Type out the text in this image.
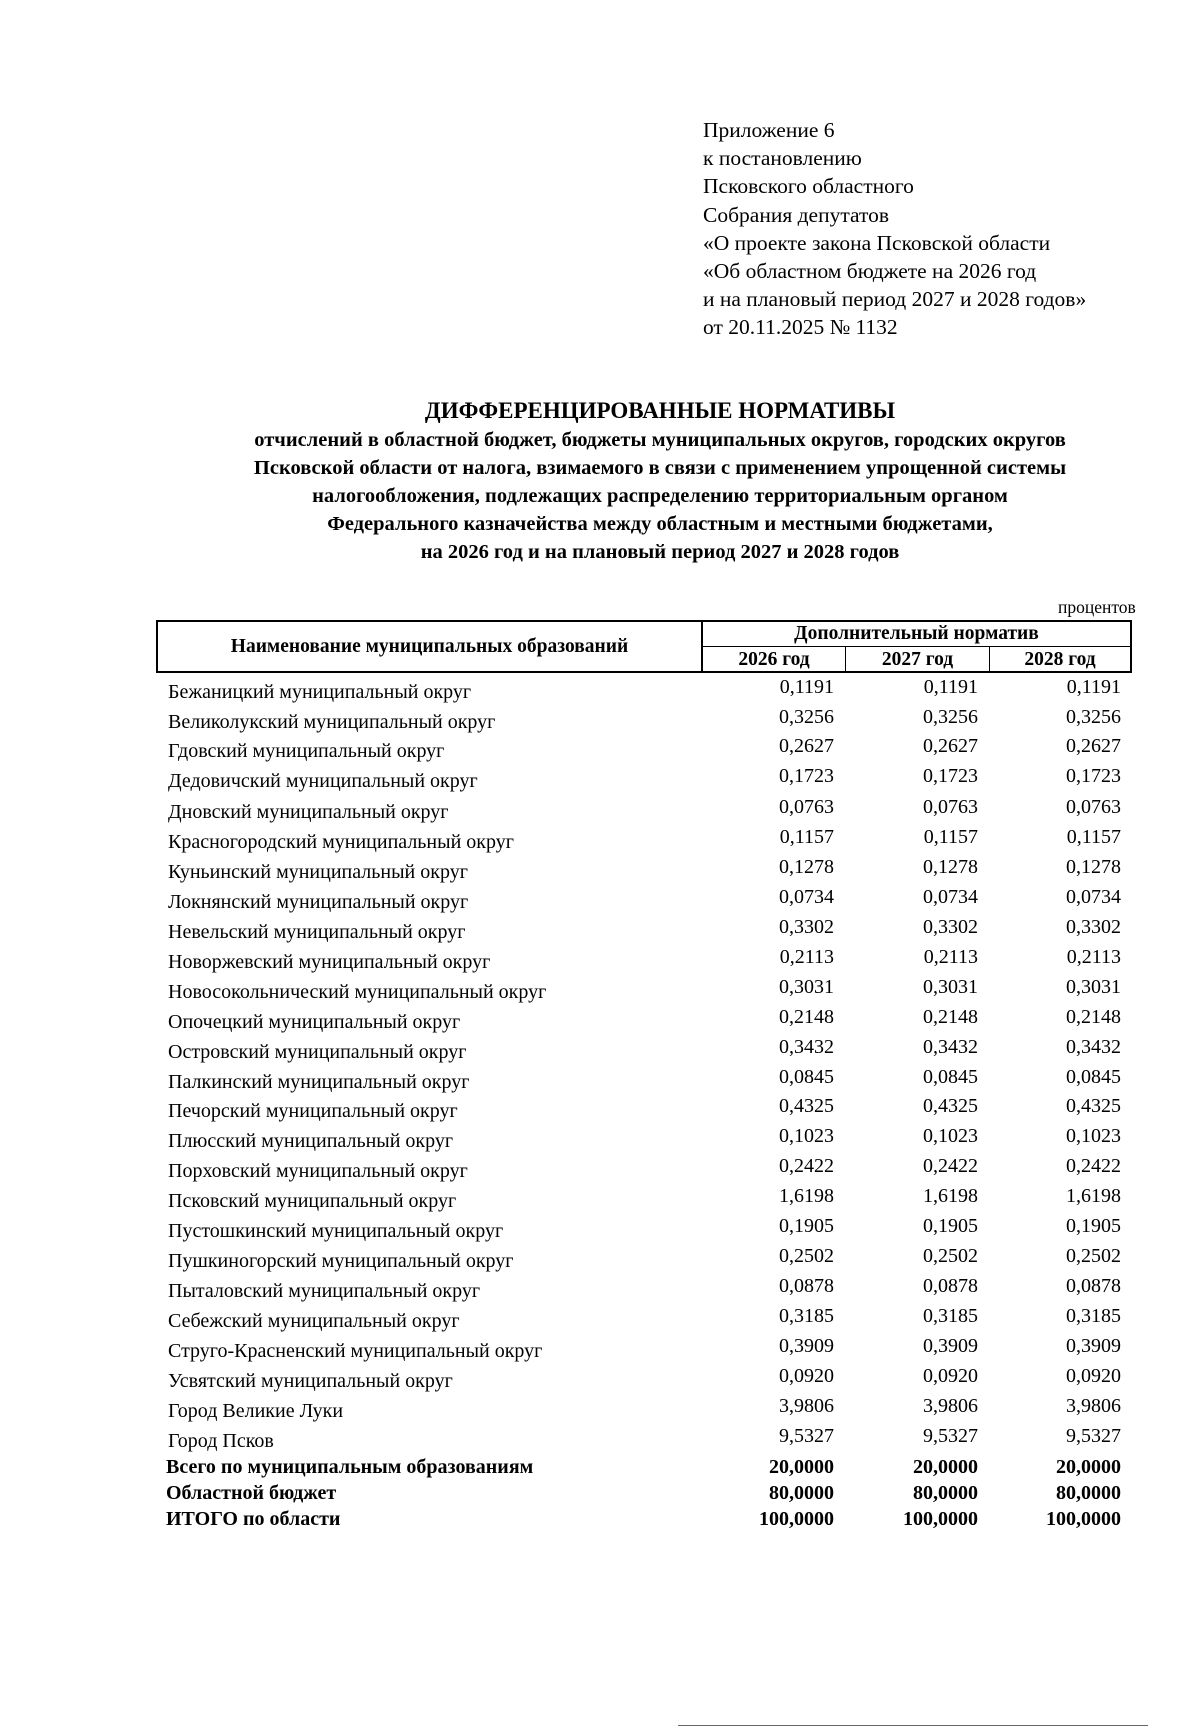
Приложение 6
к постановлению
Псковского областного
Собрания депутатов
«О проекте закона Псковской области
«Об областном бюджете на 2026 год
и на плановый период 2027 и 2028 годов»
от 20.11.2025 № 1132
ДИФФЕРЕНЦИРОВАННЫЕ НОРМАТИВЫ
отчислений в областной бюджет, бюджеты муниципальных округов, городских округов
Псковской области от налога, взимаемого в связи с применением упрощенной системы
налогообложения, подлежащих распределению территориальным органом
Федерального казначейства между областным и местными бюджетами,
на 2026 год и на плановый период 2027 и 2028 годов
процентов
Наименование муниципальных образований
Дополнительный норматив
2026 год	2027 год	2028 год
Бежаницкий муниципальный округ	0,1191	0,1191	0,1191
Великолукский муниципальный округ	0,3256	0,3256	0,3256
Гдовский муниципальный округ	0,2627	0,2627	0,2627
Дедовичский муниципальный округ	0,1723	0,1723	0,1723
Дновский муниципальный округ	0,0763	0,0763	0,0763
Красногородский муниципальный округ	0,1157	0,1157	0,1157
Куньинский муниципальный округ	0,1278	0,1278	0,1278
Локнянский муниципальный округ	0,0734	0,0734	0,0734
Невельский муниципальный округ	0,3302	0,3302	0,3302
Новоржевский муниципальный округ	0,2113	0,2113	0,2113
Новосокольнический муниципальный округ	0,3031	0,3031	0,3031
Опочецкий муниципальный округ	0,2148	0,2148	0,2148
Островский муниципальный округ	0,3432	0,3432	0,3432
Палкинский муниципальный округ	0,0845	0,0845	0,0845
Печорский муниципальный округ	0,4325	0,4325	0,4325
Плюсский муниципальный округ	0,1023	0,1023	0,1023
Порховский муниципальный округ	0,2422	0,2422	0,2422
Псковский муниципальный округ	1,6198	1,6198	1,6198
Пустошкинский муниципальный округ	0,1905	0,1905	0,1905
Пушкиногорский муниципальный округ	0,2502	0,2502	0,2502
Пыталовский муниципальный округ	0,0878	0,0878	0,0878
Себежский муниципальный округ	0,3185	0,3185	0,3185
Струго-Красненский муниципальный округ	0,3909	0,3909	0,3909
Усвятский муниципальный округ	0,0920	0,0920	0,0920
Город Великие Луки	3,9806	3,9806	3,9806
Город Псков	9,5327	9,5327	9,5327
Всего по муниципальным образованиям	20,0000	20,0000	20,0000
Областной бюджет	80,0000	80,0000	80,0000
ИТОГО по области	100,0000	100,0000	100,0000
